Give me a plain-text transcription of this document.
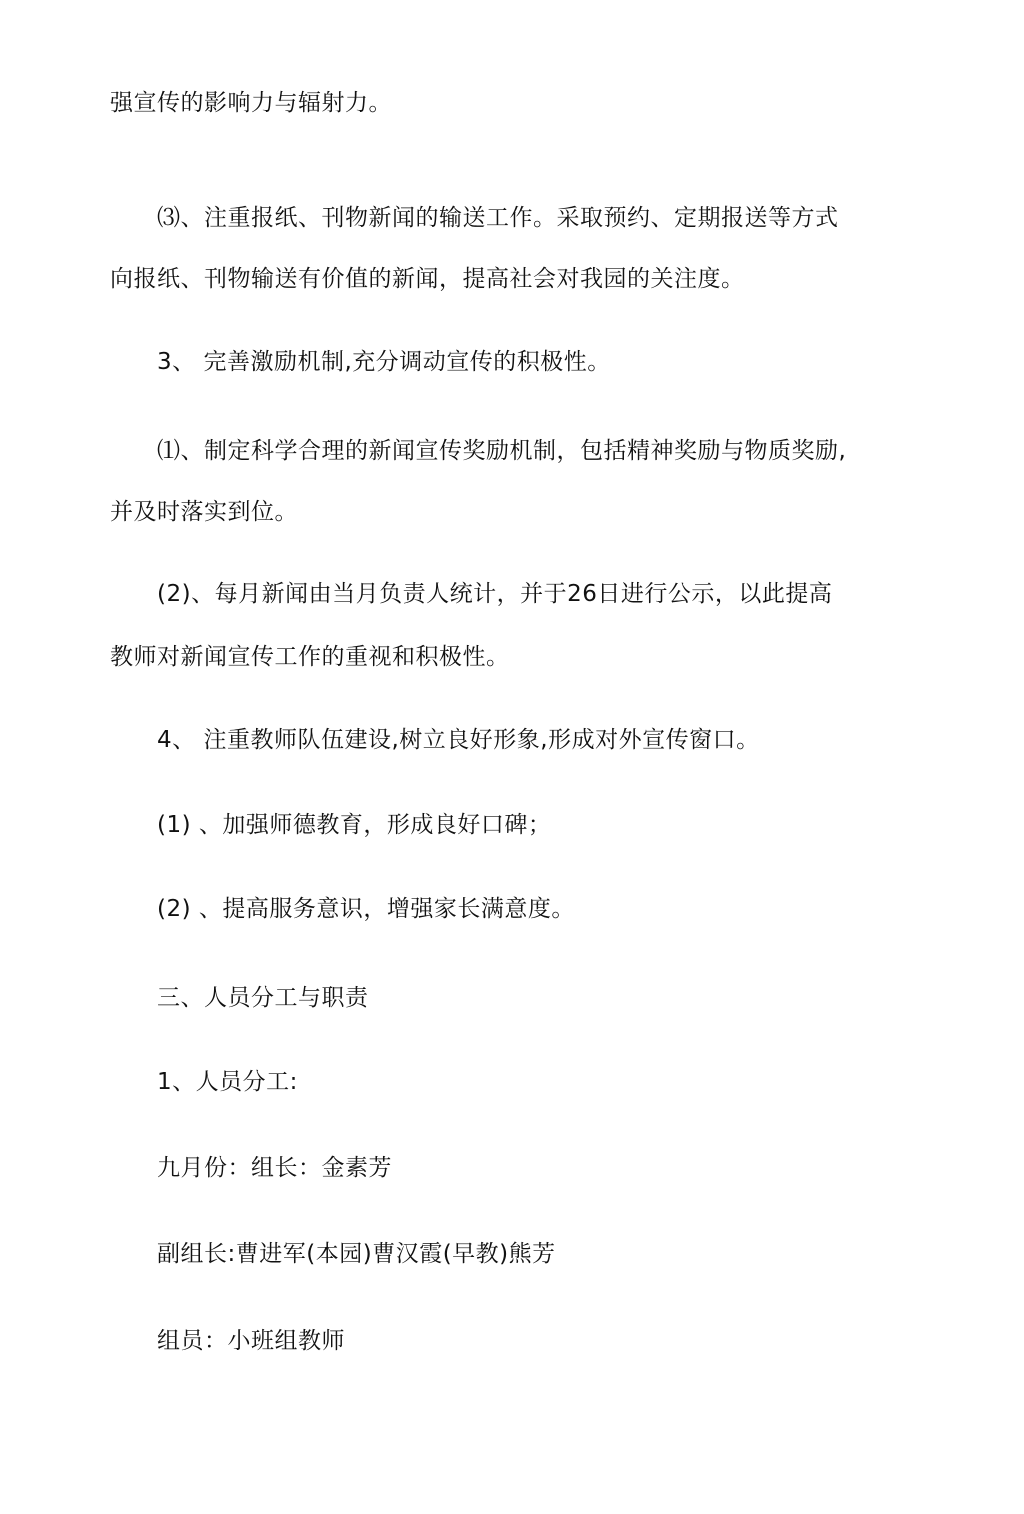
强宣传的影响力与辐射力。
⑶、注重报纸、刊物新闻的输送工作。采取预约、定期报送等方式
向报纸、刊物输送有价值的新闻，提高社会对我园的关注度。
3、 完善激励机制,充分调动宣传的积极性。
⑴、制定科学合理的新闻宣传奖励机制，包括精神奖励与物质奖励,
并及时落实到位。
(2)、每月新闻由当月负责人统计，并于26日进行公示，以此提高
教师对新闻宣传工作的重视和积极性。
4、 注重教师队伍建设,树立良好形象,形成对外宣传窗口。
(1) 、加强师德教育，形成良好口碑；
(2) 、提高服务意识，增强家长满意度。
三、人员分工与职责
1、人员分工:
九月份：组长：金素芳
副组长:曹进军(本园)曹汉霞(早教)熊芳
组员：小班组教师
